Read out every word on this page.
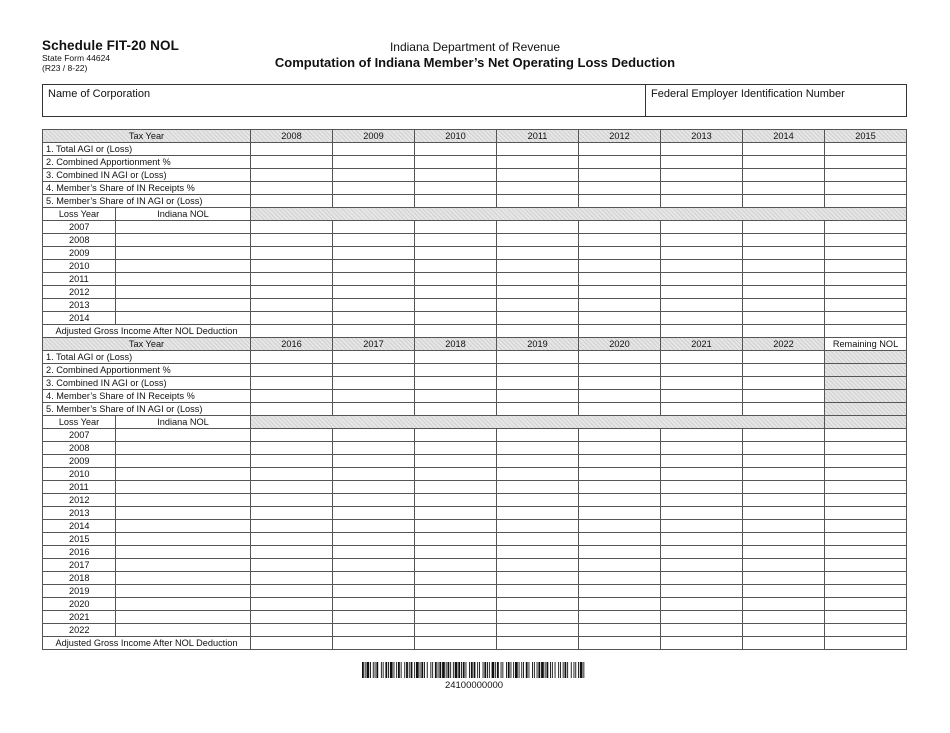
Schedule FIT-20 NOL
State Form 44624
(R23 / 8-22)
Indiana Department of Revenue
Computation of Indiana Member’s Net Operating Loss Deduction
Name of Corporation	Federal Employer Identification Number
Tax Year		2008	2009	2010	2011	2012	2013	2014	2015
1. Total AGI or (Loss)									
2. Combined Apportionment %									
3. Combined IN AGI or (Loss)									
4. Member’s Share of IN Receipts %									
5. Member’s Share of IN AGI or (Loss)									
Loss Year	Indiana NOL								
2007									
2008									
2009									
2010									
2011									
2012									
2013									
2014									
Adjusted Gross Income After NOL Deduction									
Tax Year		2016	2017	2018	2019	2020	2021	2022	Remaining NOL
1. Total AGI or (Loss)									
2. Combined Apportionment %									
3. Combined IN AGI or (Loss)									
4. Member’s Share of IN Receipts %									
5. Member’s Share of IN AGI or (Loss)									
Loss Year	Indiana NOL								
2007									
2008									
2009									
2010									
2011									
2012									
2013									
2014									
2015									
2016									
2017									
2018									
2019									
2020									
2021									
2022									
Adjusted Gross Income After NOL Deduction									
24100000000
